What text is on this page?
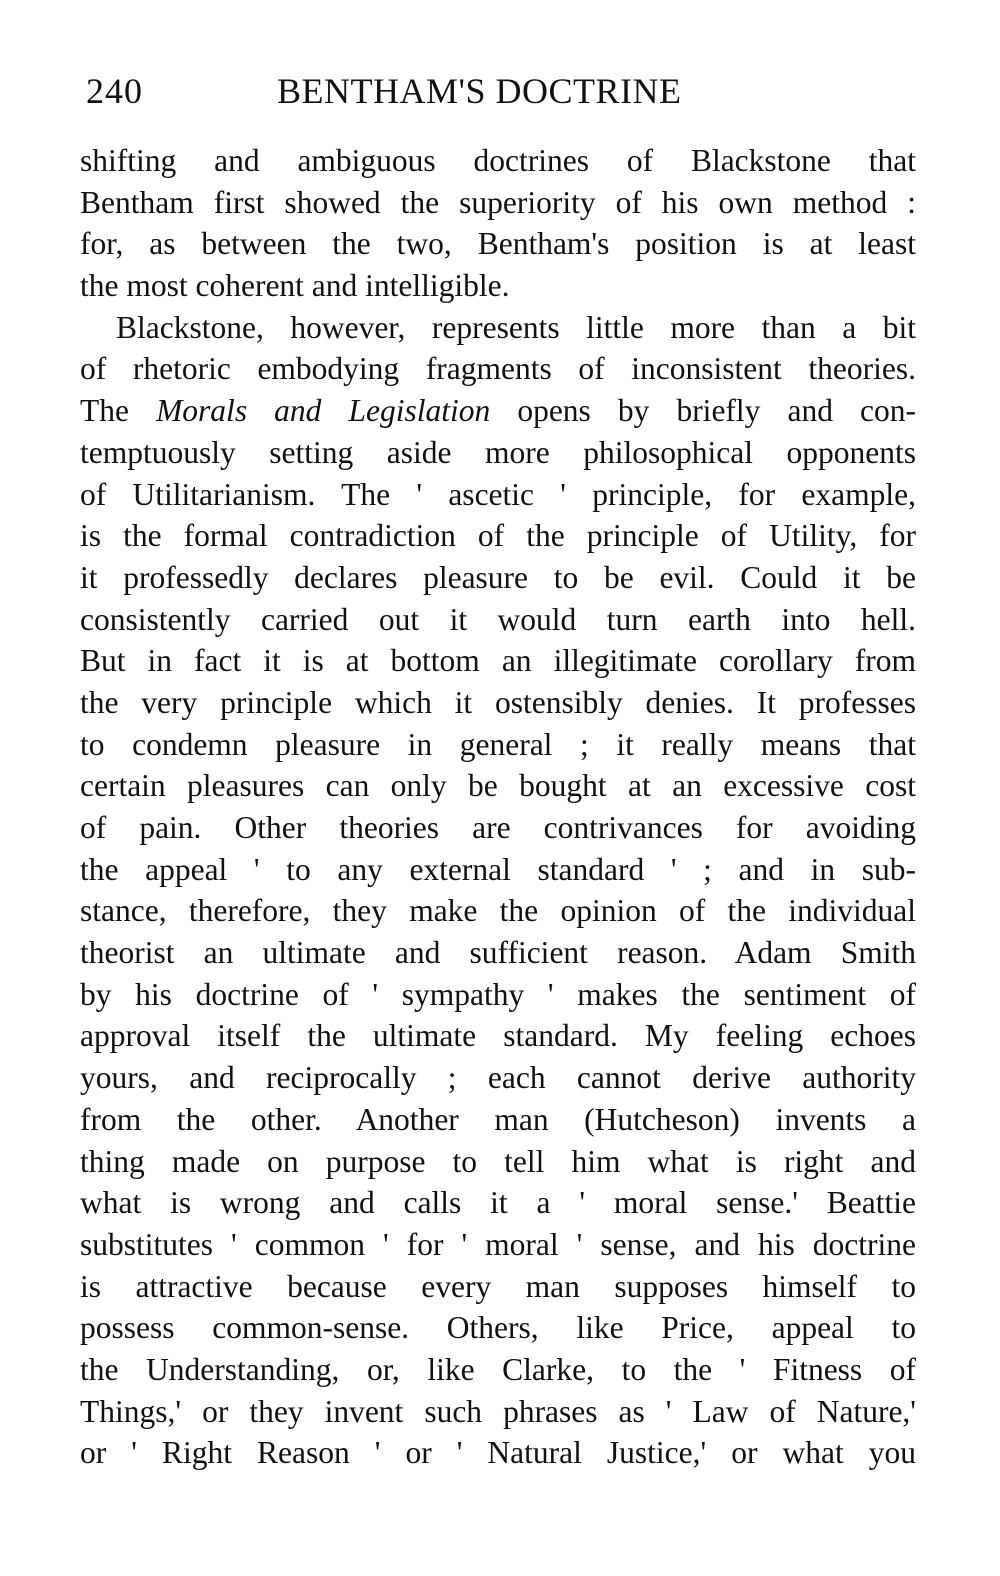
240	BENTHAM'S DOCTRINE
shifting and ambiguous doctrines of Blackstone that
Bentham first showed the superiority of his own method :
for, as between the two, Bentham's position is at least
the most coherent and intelligible.
Blackstone, however, represents little more than a bit
of rhetoric embodying fragments of inconsistent theories.
The Morals and Legislation opens by briefly and con-
temptuously setting aside more philosophical opponents
of Utilitarianism. The ' ascetic ' principle, for example,
is the formal contradiction of the principle of Utility, for
it professedly declares pleasure to be evil. Could it be
consistently carried out it would turn earth into hell.
But in fact it is at bottom an illegitimate corollary from
the very principle which it ostensibly denies. It professes
to condemn pleasure in general ; it really means that
certain pleasures can only be bought at an excessive cost
of pain. Other theories are contrivances for avoiding
the appeal ' to any external standard ' ; and in sub-
stance, therefore, they make the opinion of the individual
theorist an ultimate and sufficient reason. Adam Smith
by his doctrine of ' sympathy ' makes the sentiment of
approval itself the ultimate standard. My feeling echoes
yours, and reciprocally ; each cannot derive authority
from the other. Another man (Hutcheson) invents a
thing made on purpose to tell him what is right and
what is wrong and calls it a ' moral sense.' Beattie
substitutes ' common ' for ' moral ' sense, and his doctrine
is attractive because every man supposes himself to
possess common-sense. Others, like Price, appeal to
the Understanding, or, like Clarke, to the ' Fitness of
Things,' or they invent such phrases as ' Law of Nature,'
or ' Right Reason ' or ' Natural Justice,' or what you
